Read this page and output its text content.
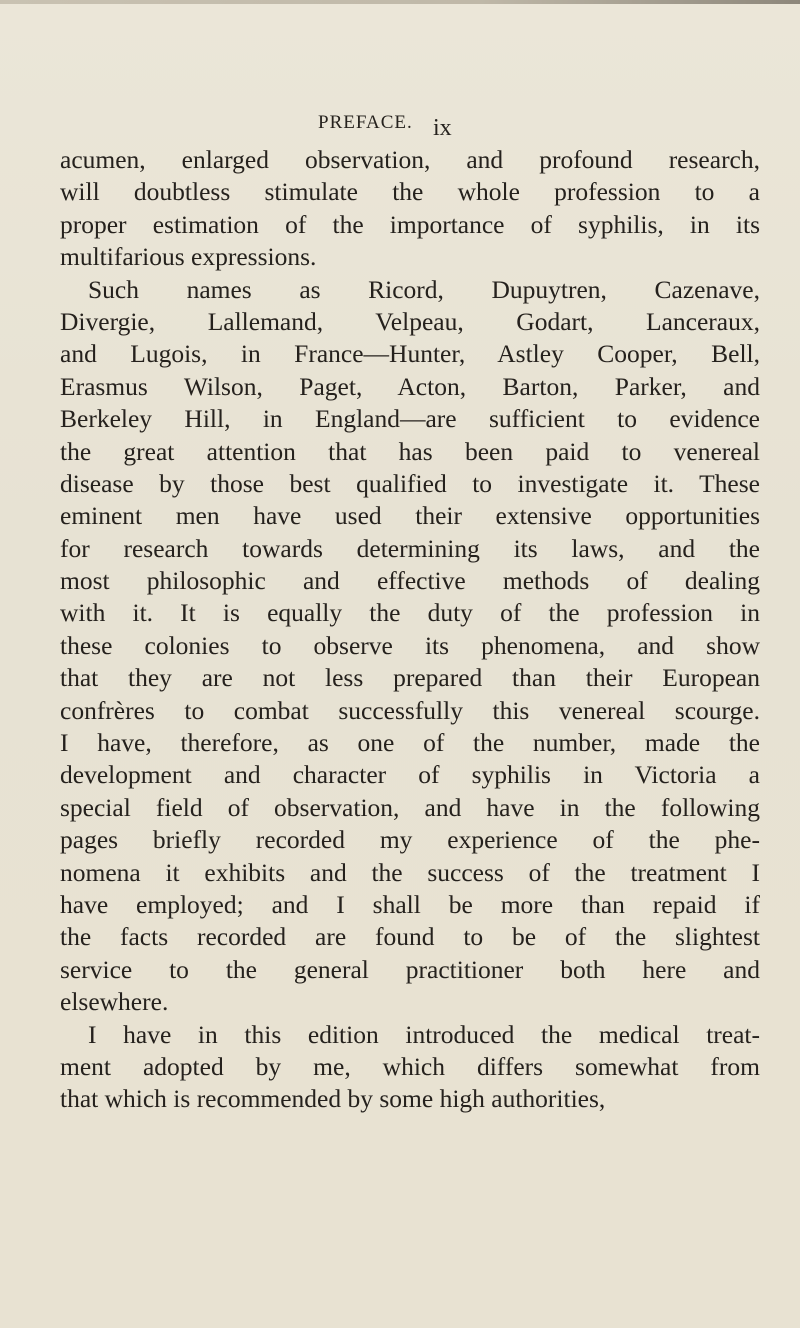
PREFACE. ix
acumen, enlarged observation, and profound research,
will doubtless stimulate the whole profession to a
proper estimation of the importance of syphilis, in its
multifarious expressions.
Such names as Ricord, Dupuytren, Cazenave,
Divergie, Lallemand, Velpeau, Godart, Lanceraux,
and Lugois, in France—Hunter, Astley Cooper, Bell,
Erasmus Wilson, Paget, Acton, Barton, Parker, and
Berkeley Hill, in England—are sufficient to evidence
the great attention that has been paid to venereal
disease by those best qualified to investigate it. These
eminent men have used their extensive opportunities
for research towards determining its laws, and the
most philosophic and effective methods of dealing
with it. It is equally the duty of the profession in
these colonies to observe its phenomena, and show
that they are not less prepared than their European
confrères to combat successfully this venereal scourge.
I have, therefore, as one of the number, made the
development and character of syphilis in Victoria a
special field of observation, and have in the following
pages briefly recorded my experience of the phe-
nomena it exhibits and the success of the treatment I
have employed; and I shall be more than repaid if
the facts recorded are found to be of the slightest
service to the general practitioner both here and
elsewhere.
I have in this edition introduced the medical treat-
ment adopted by me, which differs somewhat from
that which is recommended by some high authorities,
